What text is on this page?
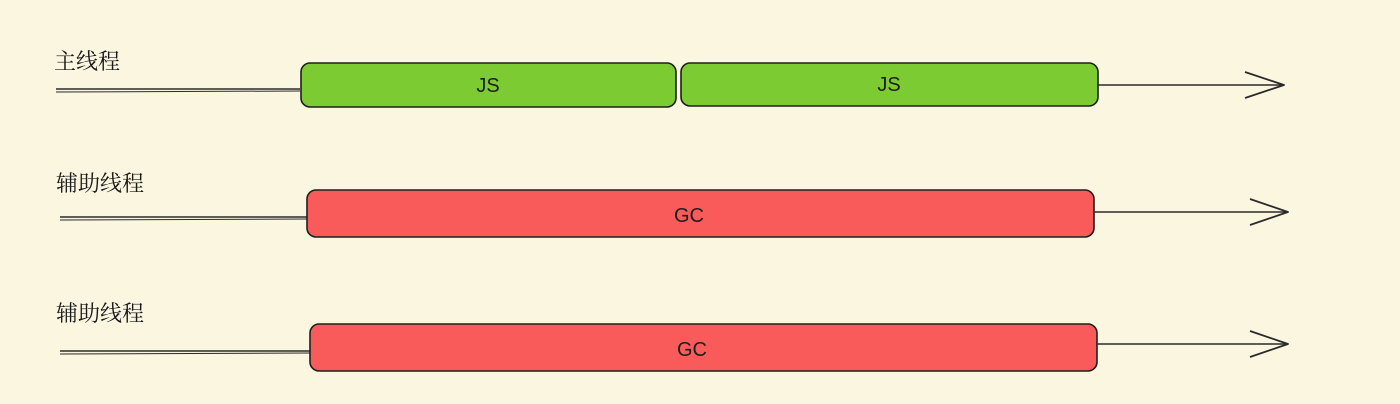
主线程
辅助线程
辅助线程
JS	JS
GC
GC
